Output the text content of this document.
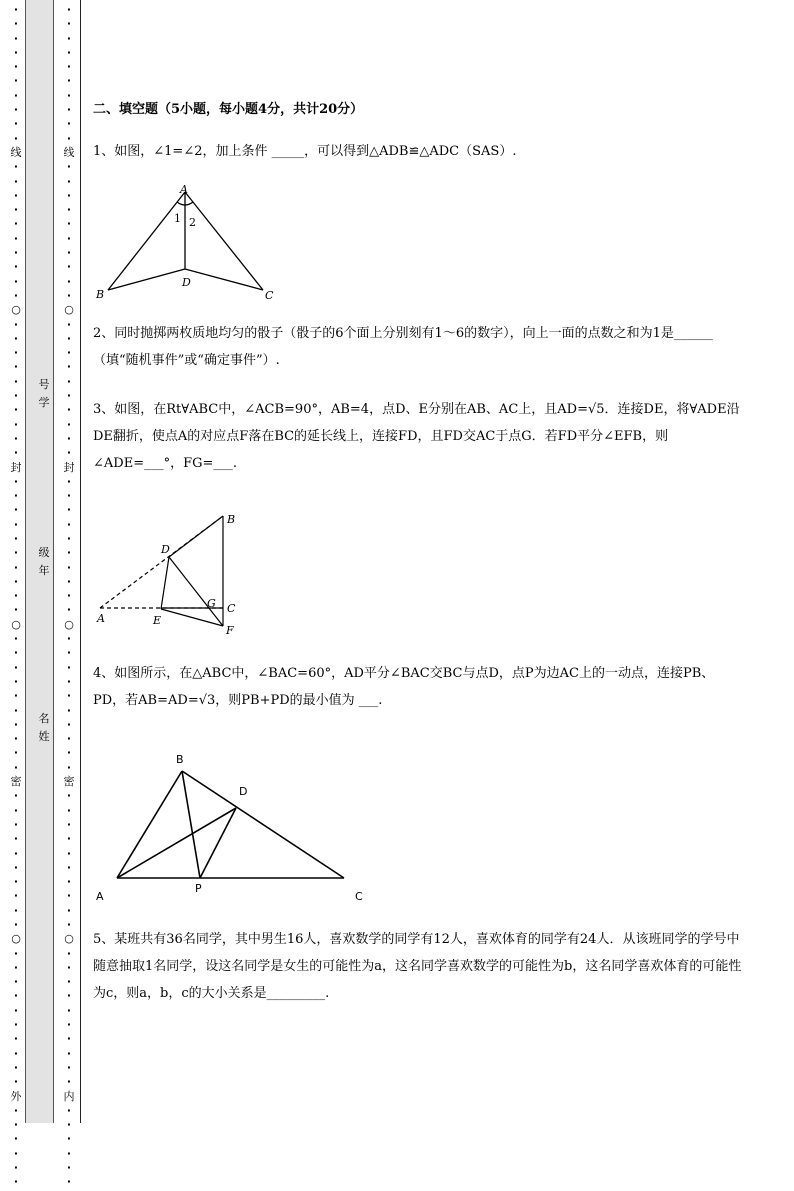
·
·
·
·
·
·
·
·
·
·
线
·
·
·
·
·
·
·
·
·
·
○
·
·
·
·
·
·
·
·
·
·
封
·
·
·
·
·
·
·
·
·
·
○
·
·
·
·
·
·
·
·
·
·
密
·
·
·
·
·
·
·
·
·
·
○
·
·
·
·
·
·
·
·
·
·
外
·
·
·
·
·
·
号学
级年
名姓
·
·
·
·
·
·
·
·
·
·
线
·
·
·
·
·
·
·
·
·
·
○
·
·
·
·
·
·
·
·
·
·
封
·
·
·
·
·
·
·
·
·
·
○
·
·
·
·
·
·
·
·
·
·
密
·
·
·
·
·
·
·
·
·
·
○
·
·
·
·
·
·
·
·
·
·
内
·
·
·
·
·
·
二、填空题（5小题，每小题4分，共计20分）
1、如图，∠1=∠2，加上条件 _____，可以得到△ADB≌△ADC（SAS）.
A
B	C
D
1 2
2、同时抛掷两枚质地均匀的骰子（骰子的6个面上分别刻有1～6的数字），向上一面的点数之和为1是______（填“随机事件”或“确定事件”）.
3、如图，在Rt∀ABC中，∠ACB=90°，AB=4，点D、E分别在AB、AC上，且AD=√5．连接DE，将∀ADE沿DE翻折，使点A的对应点F落在BC的延长线上，连接FD，且FD交AC于点G．若FD平分∠EFB，则∠ADE=___°，FG=___.
B
D
G C
A	E
F
4、如图所示，在△ABC中，∠BAC=60°，AD平分∠BAC交BC与点D，点P为边AC上的一动点，连接PB、PD，若AB=AD=√3，则PB+PD的最小值为 ___.
B
D
A
P
C
5、某班共有36名同学，其中男生16人，喜欢数学的同学有12人，喜欢体育的同学有24人．从该班同学的学号中随意抽取1名同学，设这名同学是女生的可能性为a，这名同学喜欢数学的可能性为b，这名同学喜欢体育的可能性为c，则a，b，c的大小关系是_________.
